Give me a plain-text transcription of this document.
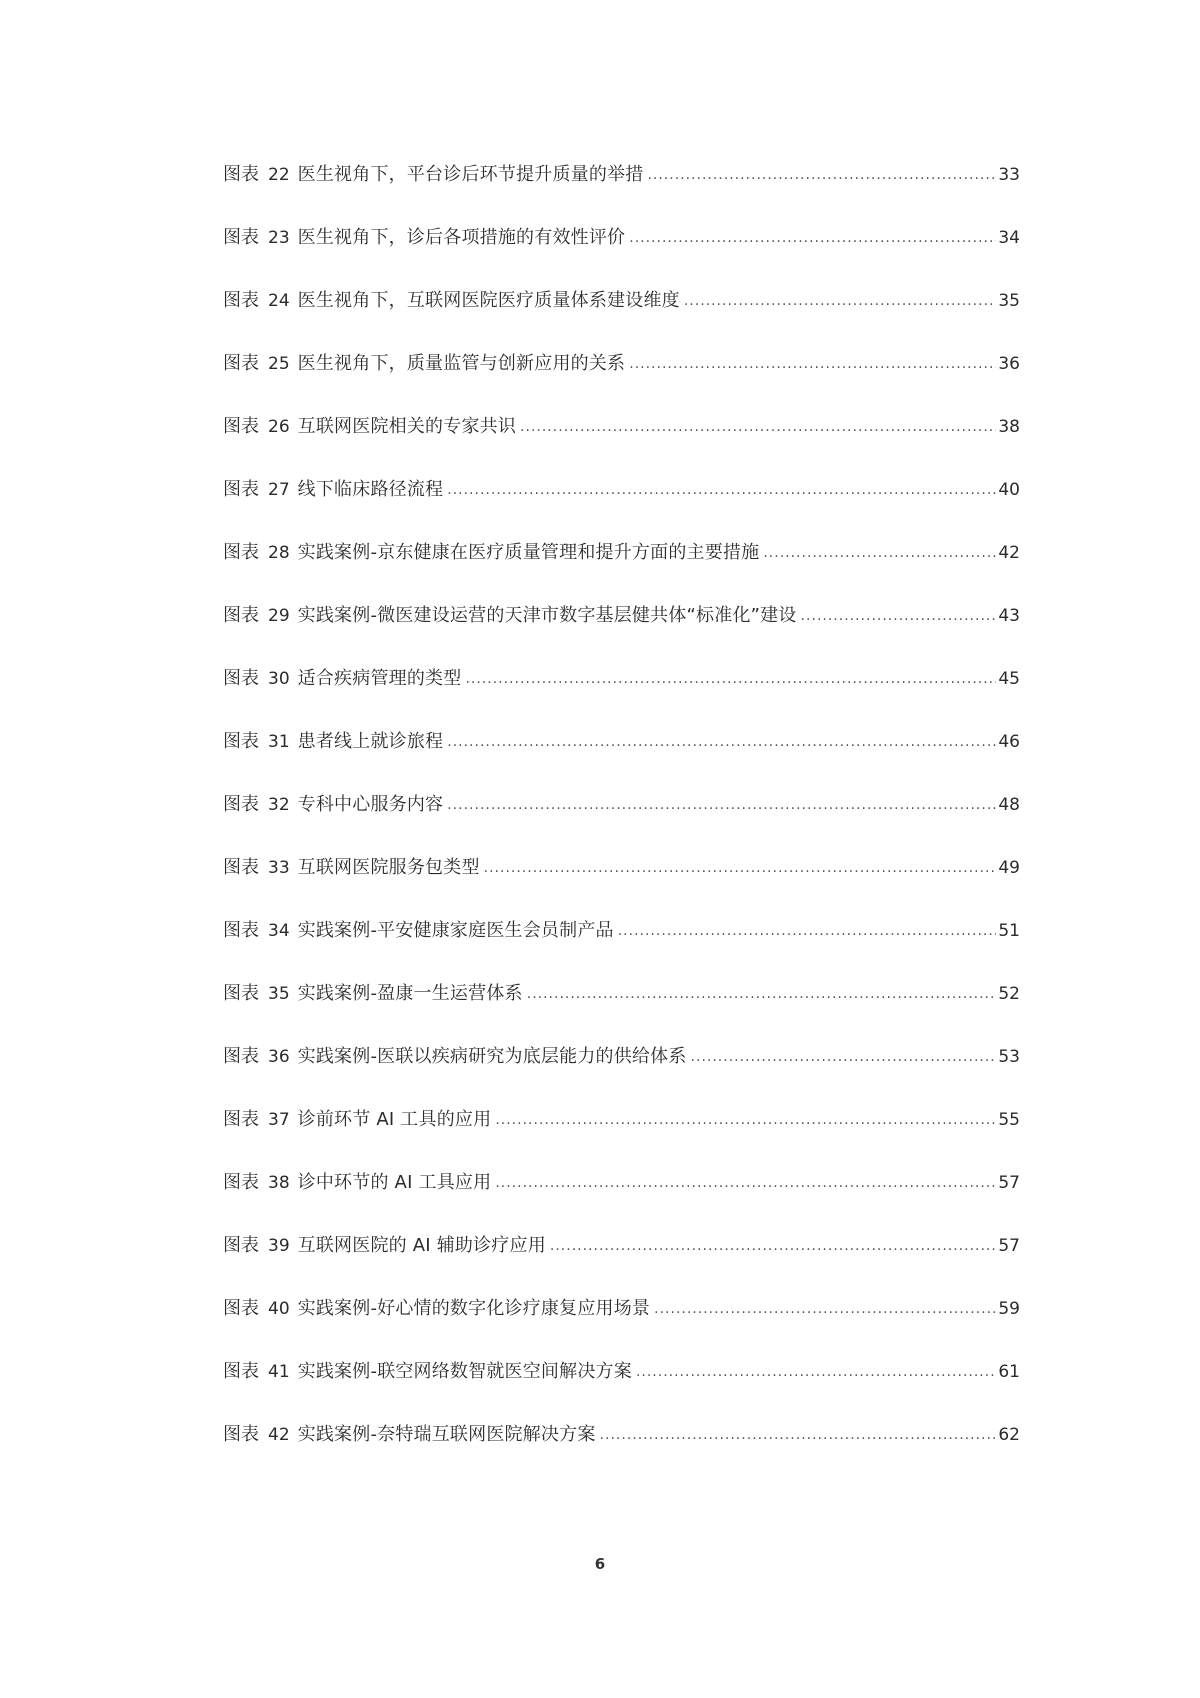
图表 22 医生视角下，平台诊后环节提升质量的举措 .....	33
图表 23 医生视角下，诊后各项措施的有效性评价 .....	34
图表 24 医生视角下，互联网医院医疗质量体系建设维度 .....	35
图表 25 医生视角下，质量监管与创新应用的关系 .....	36
图表 26 互联网医院相关的专家共识 .....	38
图表 27 线下临床路径流程 .....	40
图表 28 实践案例-京东健康在医疗质量管理和提升方面的主要措施 .....	42
图表 29 实践案例-微医建设运营的天津市数字基层健共体“标准化”建设 .....	43
图表 30 适合疾病管理的类型 .....	45
图表 31 患者线上就诊旅程 .....	46
图表 32 专科中心服务内容 .....	48
图表 33 互联网医院服务包类型 .....	49
图表 34 实践案例-平安健康家庭医生会员制产品 .....	51
图表 35 实践案例-盈康一生运营体系 .....	52
图表 36 实践案例-医联以疾病研究为底层能力的供给体系 .....	53
图表 37 诊前环节 AI 工具的应用 .....	55
图表 38 诊中环节的 AI 工具应用 .....	57
图表 39 互联网医院的 AI 辅助诊疗应用 .....	57
图表 40 实践案例-好心情的数字化诊疗康复应用场景 .....	59
图表 41 实践案例-联空网络数智就医空间解决方案 .....	61
图表 42 实践案例-奈特瑞互联网医院解决方案 .....	62
6
